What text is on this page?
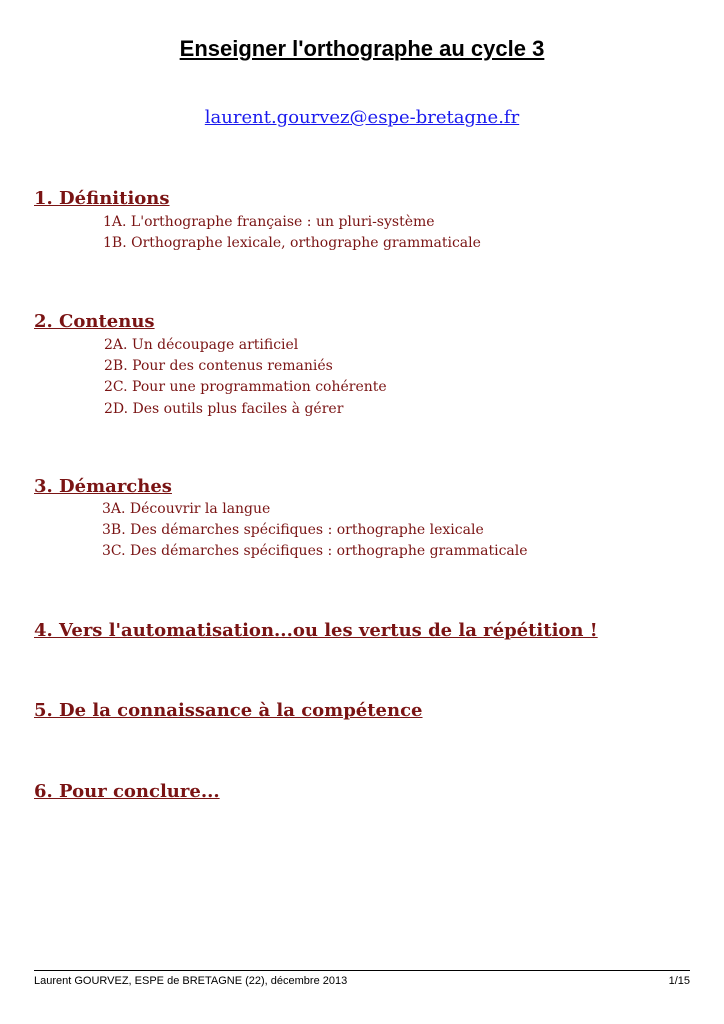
Enseigner l'orthographe au cycle 3
laurent.gourvez@espe-bretagne.fr
1. Définitions
1A. L'orthographe française : un pluri-système
1B. Orthographe lexicale, orthographe grammaticale
2. Contenus
2A. Un découpage artificiel
2B. Pour des contenus remaniés
2C. Pour une programmation cohérente
2D. Des outils plus faciles à gérer
3. Démarches
3A. Découvrir la langue
3B. Des démarches spécifiques : orthographe lexicale
3C. Des démarches spécifiques : orthographe grammaticale
4. Vers l'automatisation...ou les vertus de la répétition !
5. De la connaissance à la compétence
6. Pour conclure...
Laurent GOURVEZ, ESPE de BRETAGNE (22), décembre 2013	1/15
